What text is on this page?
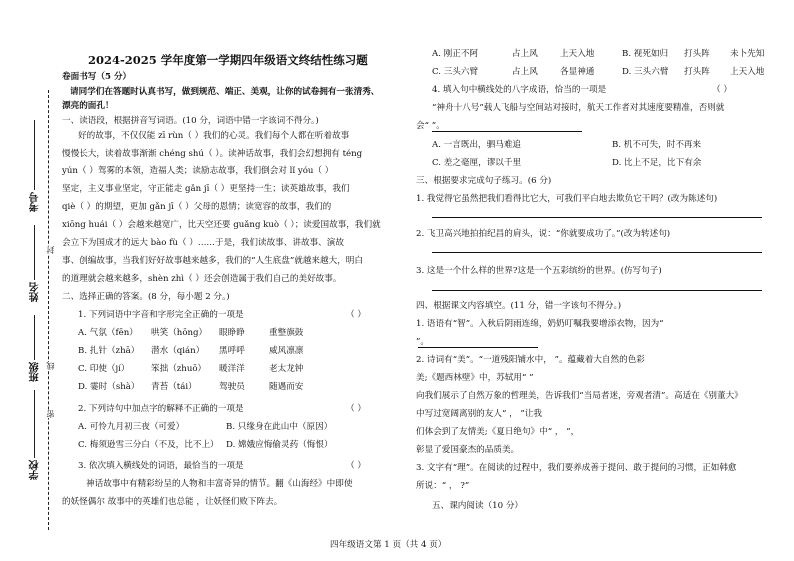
考号
姓名
班级
学校
封
线
密
2024-2025 学年度第一学期四年级语文终结性练习题
卷面书写（5 分）
请同学们在答题时认真书写，做到规范、端正、美观，让你的试卷拥有一张清秀、
漂亮的面孔！
一、读语段，根据拼音写词语。(10 分，词语中错一字该词不得分。)
好的故事，不仅仅能 zī rùn（ ）我们的心灵。我们每个人都在听着故事
慢慢长大，读着故事渐渐 chéng shú（ ）。读神话故事，我们会幻想拥有 téng
yún（ ）驾雾的本领，造福人类；读励志故事，我们倒会对 lǐ yóu（ ）
坚定，主义事业坚定，守正能走 gǎn jī（ ）更坚持一生；读英雄故事，我们
qiè（ ）的期望，更加 gǎn jī（ ）父母的恩情；读宽容的故事，我们的
xiōng huái（ ）会越来越宽广，比天空还要 guǎng kuò（ ）；读爱国故事，我们就
会立下为国成才的远大 bào fù（ ）……于是，我们读故事、讲故事、演故
事、创编故事，当我们好好故事越来越多，我们的“人生底盘”就越来越大，明白
的道理就会越来越多，shèn zhì（ ）还会创造属于我们自己的美好故事。
二、选择正确的答案。(8 分，每小题 2 分。)
1. 下列词语中字音和字形完全正确的一项是	（ ）
A. 气氛（fēn） 哄笑（hōng） 眼睁睁	重整旗鼓
B. 扎针（zhā） 潜水（qián） 黑呼呼	威风凛凛
C. 印使（jí） 笨拙（zhuō） 暖洋洋	老太龙钟
D. 霎时（shà） 青苔（tái）	驾驶员	随遇而安
2. 下列诗句中加点字的解释不正确的一项是	（ ）
A. 可怜九月初三夜（可爱）	B. 只缘身在此山中（原因）
C. 梅须逊雪三分白（不及，比不上） D. 嫦娥应悔偷灵药（悔恨）
3. 依次填入横线处的词语，最恰当的一项是	（ ）
神话故事中有精彩纷呈的人物和丰富奇异的情节。翻《山海经》中即使
的妖怪偶尔 故事中的英雄们也总能 ，让妖怪们败下阵去。
A. 刚正不阿	占上风	上天入地	B. 视死如归 打头阵 未卜先知
C. 三头六臂	占上风	各显神通	D. 三头六臂 打头阵 上天入地
4. 填入句中横线处的八字成语，恰当的一项是	（ ）
“神舟十八号”载人飞船与空间站对接时，航天工作者对其速度要精准，否则就
会“ ”。
A. 一言既出，驷马难追	B. 机不可失，时不再来
C. 差之毫厘，谬以千里	D. 比上不足，比下有余
三、根据要求完成句子练习。(6 分)
1. 我觉得它虽然把我们看得比它大，可我们平白地去欺负它干吗？(改为陈述句)
2. 飞卫高兴地拍拍纪昌的肩头，说：“你就要成功了。”(改为转述句)
3. 这是一个什么样的世界?这是一个五彩缤纷的世界。(仿写句子)
四、根据课文内容填空。(11 分，错一字该句不得分。)
1. 语语有“智”。入秋后阴雨连绵，奶奶叮嘱我要增添衣物，因为“
”。
2. 诗词有“美”。“一道残阳铺水中， ”。蕴藏着大自然的色彩
美;《题西林壁》中，苏轼用“ ”
向我们展示了自然万象的哲理美，告诉我们“当局者迷，旁观者清”。高适在《别董大》
中写过宽阔离别的友人“ ， ”让我
们体会到了友情美;《夏日绝句》中“ ， ”，
彰显了爱国豪杰的品质美。
3. 文字有“理”。在阅读的过程中，我们要养成善于提问、敢于提问的习惯，正如韩愈
所说：“ ， ?”
五、课内阅读（10 分）
四年级语文第 1 页（共 4 页）
